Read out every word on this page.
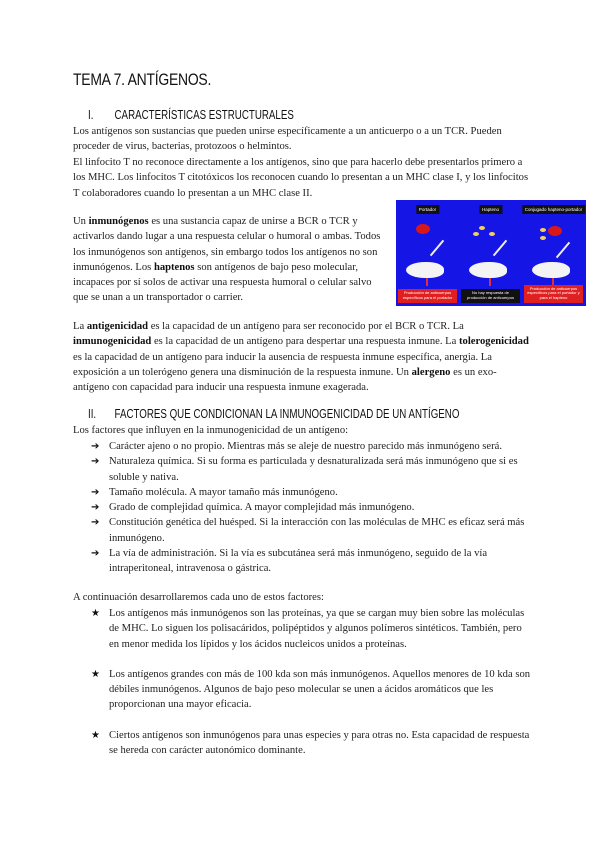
TEMA 7. ANTÍGENOS.
I. CARACTERÍSTICAS ESTRUCTURALES
Los antígenos son sustancias que pueden unirse específicamente a un anticuerpo o a un TCR. Pueden proceder de virus, bacterias, protozoos o helmintos.
El linfocito T no reconoce directamente a los antígenos, sino que para hacerlo debe presentarlos primero a los MHC. Los linfocitos T citotóxicos los reconocen cuando lo presentan a un MHC clase I, y los linfocitos T colaboradores cuando lo presentan a un MHC clase II.
Un inmunógenos es una sustancia capaz de unirse a BCR o TCR y activarlos dando lugar a una respuesta celular o humoral o ambas. Todos los inmunógenos son antígenos, sin embargo todos los antígenos no son inmunógenos. Los haptenos son antígenos de bajo peso molecular, incapaces por sí solos de activar una respuesta humoral o celular salvo que se unan a un transportador o carrier.
Portador
Producción de anticuerpos específicos para el portador
Hapteno
No hay respuesta de producción de anticuerpos
Conjugado hapteno-portador
Producción de anticuerpos específicos para el portador y para el hapteno
La antigenicidad es la capacidad de un antígeno para ser reconocido por el BCR o TCR. La inmunogenicidad es la capacidad de un antígeno para despertar una respuesta inmune. La tolerogenicidad es la capacidad de un antígeno para inducir la ausencia de respuesta inmune específica, anergia. La exposición a un tolerógeno genera una disminución de la respuesta inmune. Un alergeno es un exo-antígeno con capacidad para inducir una respuesta inmune exagerada.
II. FACTORES QUE CONDICIONAN LA INMUNOGENICIDAD DE UN ANTÍGENO
Los factores que influyen en la inmunogenicidad de un antígeno:
➔ Carácter ajeno o no propio. Mientras más se aleje de nuestro parecido más inmunógeno será.
➔ Naturaleza química. Si su forma es particulada y desnaturalizada será más inmunógeno que si es soluble y nativa.
➔ Tamaño molécula. A mayor tamaño más inmunógeno.
➔ Grado de complejidad química. A mayor complejidad más inmunógeno.
➔ Constitución genética del huésped. Si la interacción con las moléculas de MHC es eficaz será más inmunógeno.
➔ La vía de administración. Si la vía es subcutánea será más inmunógeno, seguido de la vía intraperitoneal, intravenosa o gástrica.
A continuación desarrollaremos cada uno de estos factores:
★ Los antígenos más inmunógenos son las proteínas, ya que se cargan muy bien sobre las moléculas de MHC. Lo siguen los polisacáridos, polipéptidos y algunos polímeros sintéticos. También, pero en menor medida los lípidos y los ácidos nucleicos unidos a proteínas.
★ Los antígenos grandes con más de 100 kda son más inmunógenos. Aquellos menores de 10 kda son débiles inmunógenos. Algunos de bajo peso molecular se unen a ácidos aromáticos que les proporcionan una mayor eficacia.
★ Ciertos antígenos son inmunógenos para unas especies y para otras no. Esta capacidad de respuesta se hereda con carácter autonómico dominante.
